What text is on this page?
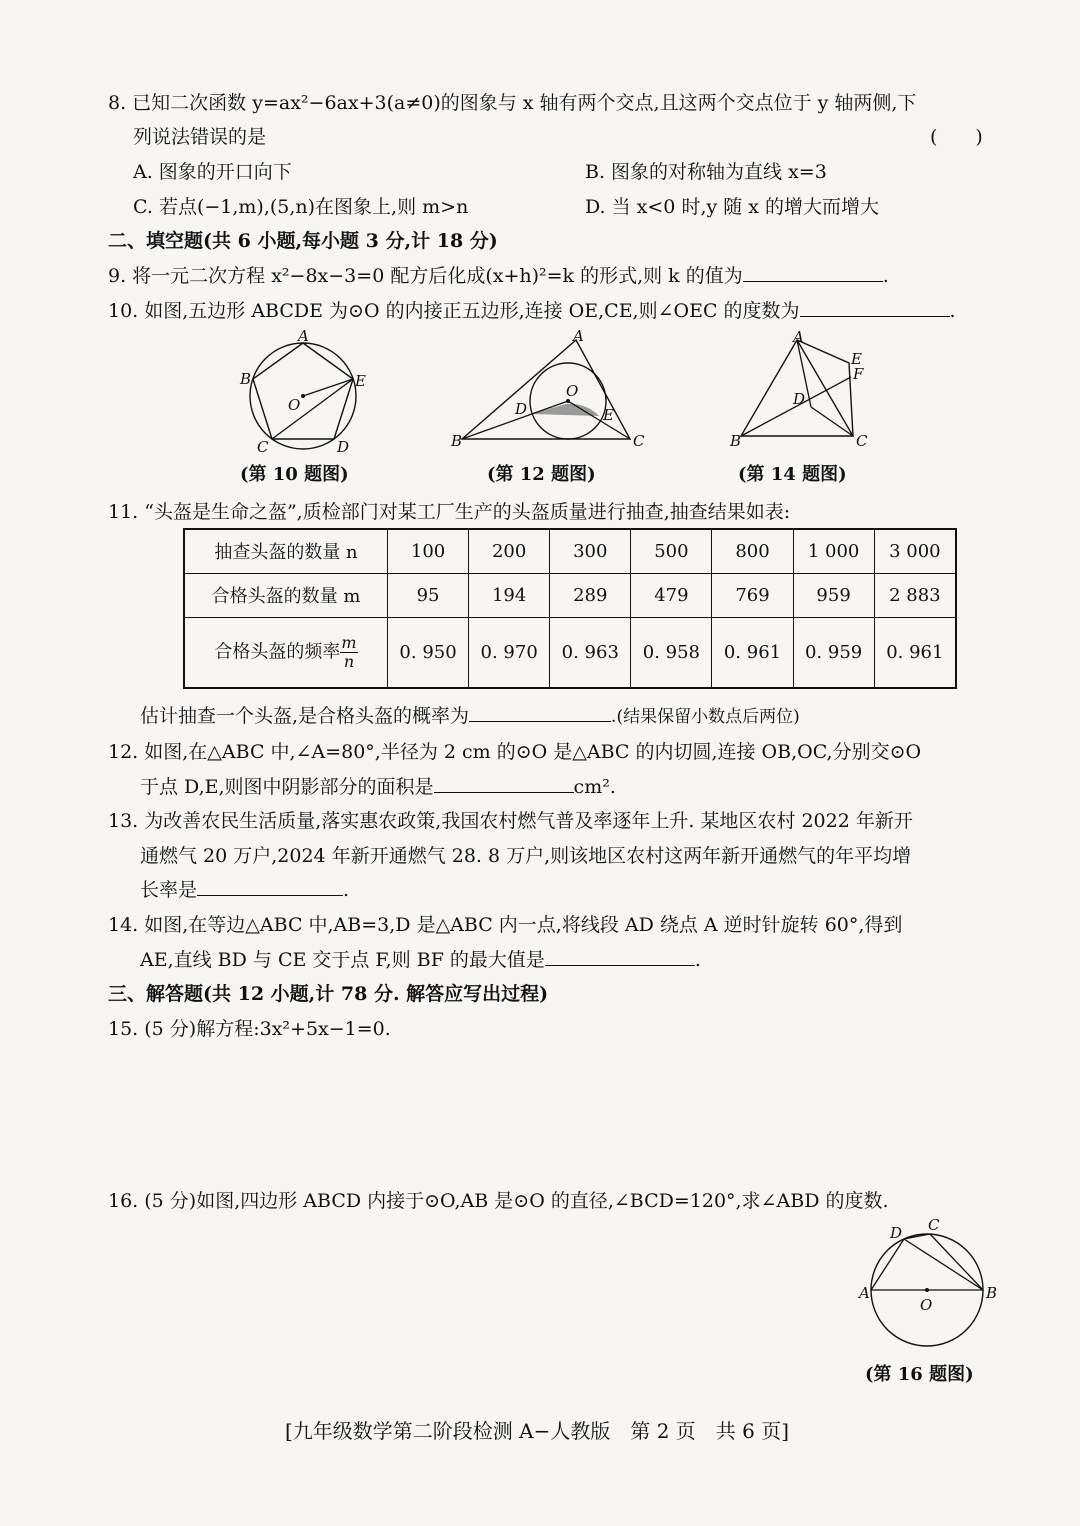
8. 已知二次函数 y=ax²−6ax+3(a≠0)的图象与 x 轴有两个交点,且这两个交点位于 y 轴两侧,下
列说法错误的是	(　　)
A. 图象的开口向下	B. 图象的对称轴为直线 x=3
C. 若点(−1,m),(5,n)在图象上,则 m>n	D. 当 x<0 时,y 随 x 的增大而增大
二、填空题(共 6 小题,每小题 3 分,计 18 分)
9. 将一元二次方程 x²−8x−3=0 配方后化成(x+h)²=k 的形式,则 k 的值为	.
10. 如图,五边形 ABCDE 为⊙O 的内接正五边形,连接 OE,CE,则∠OEC 的度数为	.
A
B
C	D
E
O
(第 10 题图)
A
B	C
D	E
O
(第 12 题图)
A
B	C
D
E
F
(第 14 题图)
11. “头盔是生命之盔”,质检部门对某工厂生产的头盔质量进行抽查,抽查结果如表:
抽查头盔的数量 n	100	200	300	500	800	1 000	3 000
合格头盔的数量 m	95	194	289	479	769	959	2 883
合格头盔的频率 $\frac{m}{n}$	0. 950	0. 970	0. 963	0. 958	0. 961	0. 959	0. 961
估计抽查一个头盔,是合格头盔的概率为	.(结果保留小数点后两位)
12. 如图,在△ABC 中,∠A=80°,半径为 2 cm 的⊙O 是△ABC 的内切圆,连接 OB,OC,分别交⊙O
于点 D,E,则图中阴影部分的面积是	cm².
13. 为改善农民生活质量,落实惠农政策,我国农村燃气普及率逐年上升. 某地区农村 2022 年新开
通燃气 20 万户,2024 年新开通燃气 28. 8 万户,则该地区农村这两年新开通燃气的年平均增
长率是	.
14. 如图,在等边△ABC 中,AB=3,D 是△ABC 内一点,将线段 AD 绕点 A 逆时针旋转 60°,得到
AE,直线 BD 与 CE 交于点 F,则 BF 的最大值是	.
三、解答题(共 12 小题,计 78 分. 解答应写出过程)
15. (5 分)解方程:3x²+5x−1=0.
16. (5 分)如图,四边形 ABCD 内接于⊙O,AB 是⊙O 的直径,∠BCD=120°,求∠ABD 的度数.
A	B
C
D
O
(第 16 题图)
[九年级数学第二阶段检测 A−人教版　第 2 页　共 6 页]
